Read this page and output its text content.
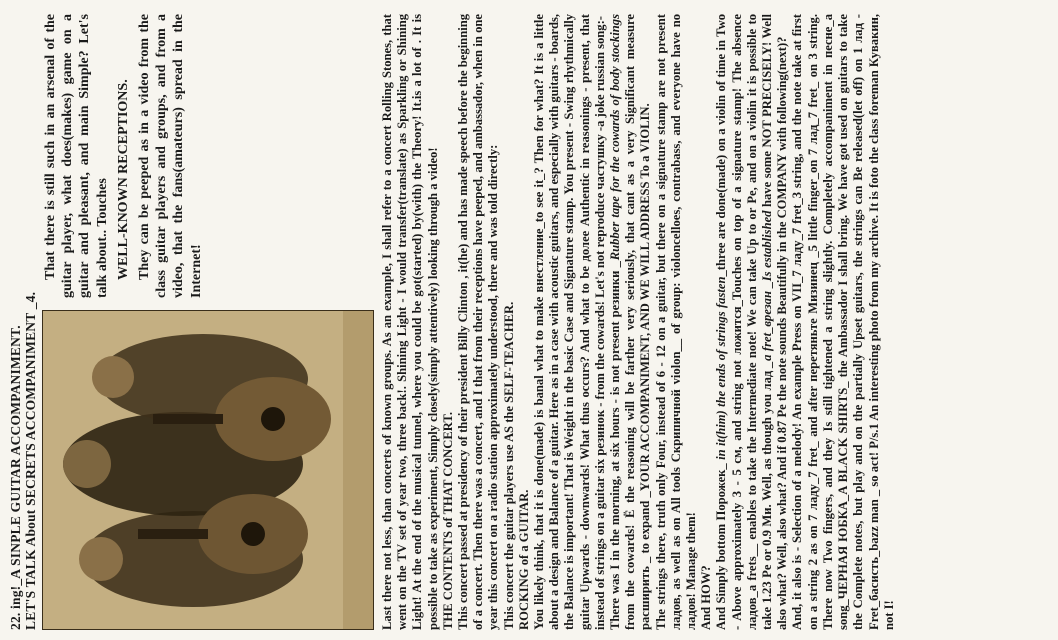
22. ing!_A SINPLE GUITAR ACCOMPANIMENT. LET'S TALK About SECRETS ACCOMPANIMENT _4.

That there is still such in an arsenal of the guitar player, what does(makes) game on a guitar and pleasant, and main Simple? Let's talk about.. Touches WELL-KNOWN RECEPTIONS. They can be peeped as in a video from the class guitar players and groups, and from a video, that the fans(amateurs) spread in the Internet!	Last there not less, than concerts of known groups. As an example, I shall refer to a concert Rolling Stones, that went on the TV set of year two, three back!. Shining Light - I would transfer(translate) as Sparkling or Shining Light! At the end of the musical tunnel, where you could be got(started) by(with) the Theory! It.is a lot of . It is possible to take as experiment, Simply closely(simply attentively) looking through a video! THE CONTENTS of THAT CONCERT. This concert passed at presidency of their president Billy Clinton , it(he) and has made speech before the beginning of a concert. Then there was a concert, and I that from their receptions have peeped, and ambassador, when in one year this concert on a radio station approximately understood, there and was told directly: This concert the guitar players use AS the SELF-TEACHER. ROCKING of a GUITAR. You likely think, that it is done(made) is banal what to make внестление_to see it_? Then for what? It is a little about a design and Balance of a guitar. Here as in a case with acoustic guitars, and especially with guitars - boards, the Balance is important! That is Weight in the basic Case and Signature stamp. You present - Swing rhythmically guitar Upwards - downwards! What thus occurs? And what to be долее Authentic in reasonings - present, that instead of strings on a guitar six резинок - from the cowards! Let's not reproduce частушку -a joke russian song:- There was I in the morning, at six hours - is not present резинки _Rubber tape for the cowards of body stockings from the cowards! Ё the reasoning will be farther very seriously, that cant as a very Significant measure расширить _ to expand _YOUR ACCOMPANIMENT, AND WE WILL ADDRESS To a VIOLIN. The strings there, truth only Four, instead of 6 - 12 on a guitar, but there on a signature stamp are not present ладов, as well as on All tools Скрипичной violon__ of group: violoncelloes, contrabass, and everyone have no ладов! Manage them! And HOW? And Simply bottom Порожек_ in it(him) the ends of strings fasten_three are done(made) on a violin of time in Two - Above approximately 3 - 5 см, and string not ложится_Touches on top of a signature stamp! The absence ладов_a frets__ enables to take the Intermediate note! We can take Up to or Pe, and on a violin it is possible to take 1.23 Pe or 0.9 Ми. Well, as though you лад _a fret_врезан _Is established have some NOT PRECISELY! Well also what? Well, also what? And if 0.87 Pe the note sounds Beautifully in the COMPANY with following(next)? And, it also is - Selection of a melody! An example Press on VII_7 ладу_7 fret_3 string, and the note take at first on a string 2 as on 7 ладу_7 fret_ and after перетяньте Мизинец _5 little finger_on 7 лад_7 fret_ on 3 string. There now Two fingers, and they Is still tightened a string slightly. Completely accompaniment in песне_a song_ЧЕРНАЯ ЮБКА_A BLACK SHIRTS_ the Ambassador I shall bring. We have got used on guitars to take the Complete notes, but play and on the partially Upset guitars, the strings can Be released(let off) on 1 лад - Fret_басисть_bazz man _ so act! P/s.1 An interesting photo from my archive. It is foto the class foreman Кувакин, not I!
